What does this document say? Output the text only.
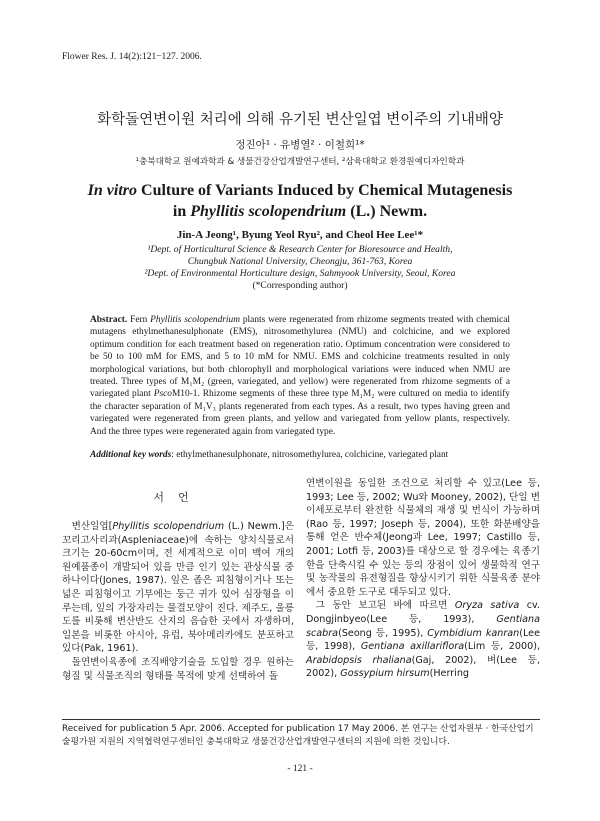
Flower Res. J. 14(2):121−127. 2006.
화학돌연변이원 처리에 의해 유기된 변산일엽 변이주의 기내배양
정진아¹ · 유병열² · 이철희¹*
¹충북대학교 원예과학과 & 생물건강산업개발연구센터, ²삼육대학교 환경원예디자인학과
In vitro Culture of Variants Induced by Chemical Mutagenesis
in Phyllitis scolopendrium (L.) Newm.
Jin-A Jeong¹, Byung Yeol Ryu², and Cheol Hee Lee¹*
¹Dept. of Horticultural Science & Research Center for Bioresource and Health,
Chungbuk National University, Cheongju, 361-763, Korea
²Dept. of Environmental Horticulture design, Sahmyook University, Seoul, Korea
(*Corresponding author)
Abstract. Fern Phyllitis scolopendrium plants were regenerated from rhizome segments treated with chemical mutagens ethylmethanesulphonate (EMS), nitrosomethylurea (NMU) and colchicine, and we explored optimum condition for each treatment based on regeneration ratio. Optimum concentration were considered to be 50 to 100 mM for EMS, and 5 to 10 mM for NMU. EMS and colchicine treatments resulted in only morphological variations, but both chlorophyll and morphological variations were induced when NMU are treated. Three types of M₁M₂ (green, variegated, and yellow) were regenerated from rhizome segments of a variegated plant PscoM10-1. Rhizome segments of these three type M₁M₂ were cultured on media to identify the character separation of M₁V₃ plants regenerated from each types. As a result, two types having green and variegated were regenerated from green plants, and yellow and variegated from yellow plants, respectively. And the three types were regenerated again from variegated type.
Additional key words: ethylmethanesulphonate, nitrosomethylurea, colchicine, variegated plant
서언

변산일엽[Phyllitis scolopendrium (L.) Newm.]은 꼬리고사리과(Aspleniaceae)에 속하는 양치식물로서 크기는 20-60cm이며, 전 세계적으로 이미 백여 개의 원예품종이 개발되어 있을 만큼 인기 있는 관상식물 중 하나이다(Jones, 1987). 잎은 좁은 피침형이거나 또는 넓은 피침형이고 기부에는 둥근 귀가 있어 심장형을 이루는데, 잎의 가장자리는 물결모양이 진다. 제주도, 울릉도를 비롯해 변산반도 산지의 음습한 곳에서 자생하며, 일본을 비롯한 아시아, 유럽, 북아메리카에도 분포하고 있다(Pak, 1961).

돌연변이육종에 조직배양기술을 도입할 경우 원하는 형질 및 식물조직의 형태를 목적에 맞게 선택하여 돌

연변이원을 동일한 조건으로 처리할 수 있고(Lee 등, 1993; Lee 등, 2002; Wu와 Mooney, 2002), 단일 변이세포로부터 완전한 식물체의 재생 및 번식이 가능하며(Rao 등, 1997; Joseph 등, 2004), 또한 화분배양을 통해 얻은 반수체(Jeong과 Lee, 1997; Castillo 등, 2001; Lotfi 등, 2003)를 대상으로 할 경우에는 육종기한을 단축시킬 수 있는 등의 장점이 있어 생물학적 연구 및 농작물의 유전형질을 향상시키기 위한 식물육종 분야에서 중요한 도구로 대두되고 있다.

그 동안 보고된 바에 따르면 Oryza sativa cv. Dongjinbyeo(Lee 등, 1993), Gentiana scabra(Seong 등, 1995), Cymbidium kanran(Lee 등, 1998), Gentiana axillariflora(Lim 등, 2000), Arabidopsis rhaliana(Gaj, 2002), 벼(Lee 등, 2002), Gossypium hirsum(Herring

Received for publication 5 Apr. 2006. Accepted for publication 17 May 2006. 본 연구는 산업자원부 · 한국산업기술평가원 지원의 지역협력연구센터인 충북대학교 생물건강산업개발연구센터의 지원에 의한 것입니다.
- 121 -
